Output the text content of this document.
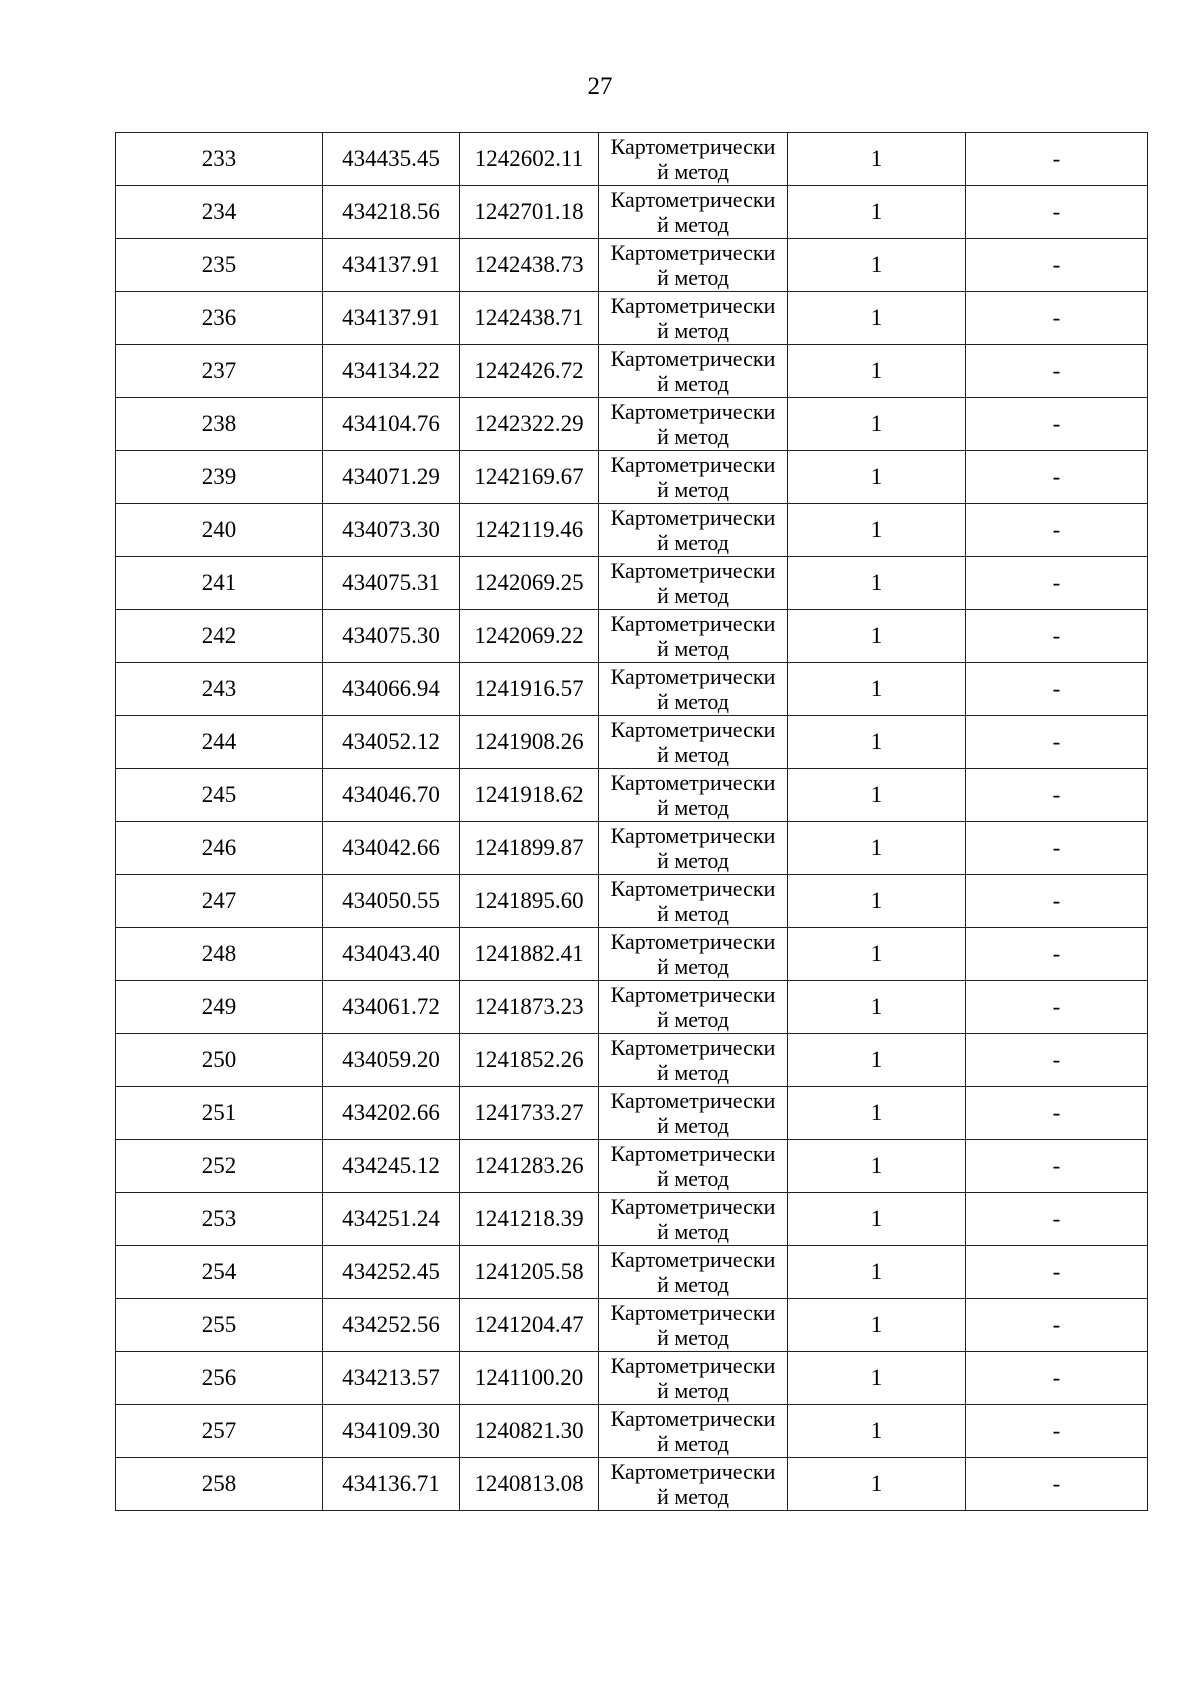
27
233	434435.45	1242602.11	Картометрически
й метод	1	-
234	434218.56	1242701.18	Картометрически
й метод	1	-
235	434137.91	1242438.73	Картометрически
й метод	1	-
236	434137.91	1242438.71	Картометрически
й метод	1	-
237	434134.22	1242426.72	Картометрически
й метод	1	-
238	434104.76	1242322.29	Картометрически
й метод	1	-
239	434071.29	1242169.67	Картометрически
й метод	1	-
240	434073.30	1242119.46	Картометрически
й метод	1	-
241	434075.31	1242069.25	Картометрически
й метод	1	-
242	434075.30	1242069.22	Картометрически
й метод	1	-
243	434066.94	1241916.57	Картометрически
й метод	1	-
244	434052.12	1241908.26	Картометрически
й метод	1	-
245	434046.70	1241918.62	Картометрически
й метод	1	-
246	434042.66	1241899.87	Картометрически
й метод	1	-
247	434050.55	1241895.60	Картометрически
й метод	1	-
248	434043.40	1241882.41	Картометрически
й метод	1	-
249	434061.72	1241873.23	Картометрически
й метод	1	-
250	434059.20	1241852.26	Картометрически
й метод	1	-
251	434202.66	1241733.27	Картометрически
й метод	1	-
252	434245.12	1241283.26	Картометрически
й метод	1	-
253	434251.24	1241218.39	Картометрически
й метод	1	-
254	434252.45	1241205.58	Картометрически
й метод	1	-
255	434252.56	1241204.47	Картометрически
й метод	1	-
256	434213.57	1241100.20	Картометрически
й метод	1	-
257	434109.30	1240821.30	Картометрически
й метод	1	-
258	434136.71	1240813.08	Картометрически
й метод	1	-
